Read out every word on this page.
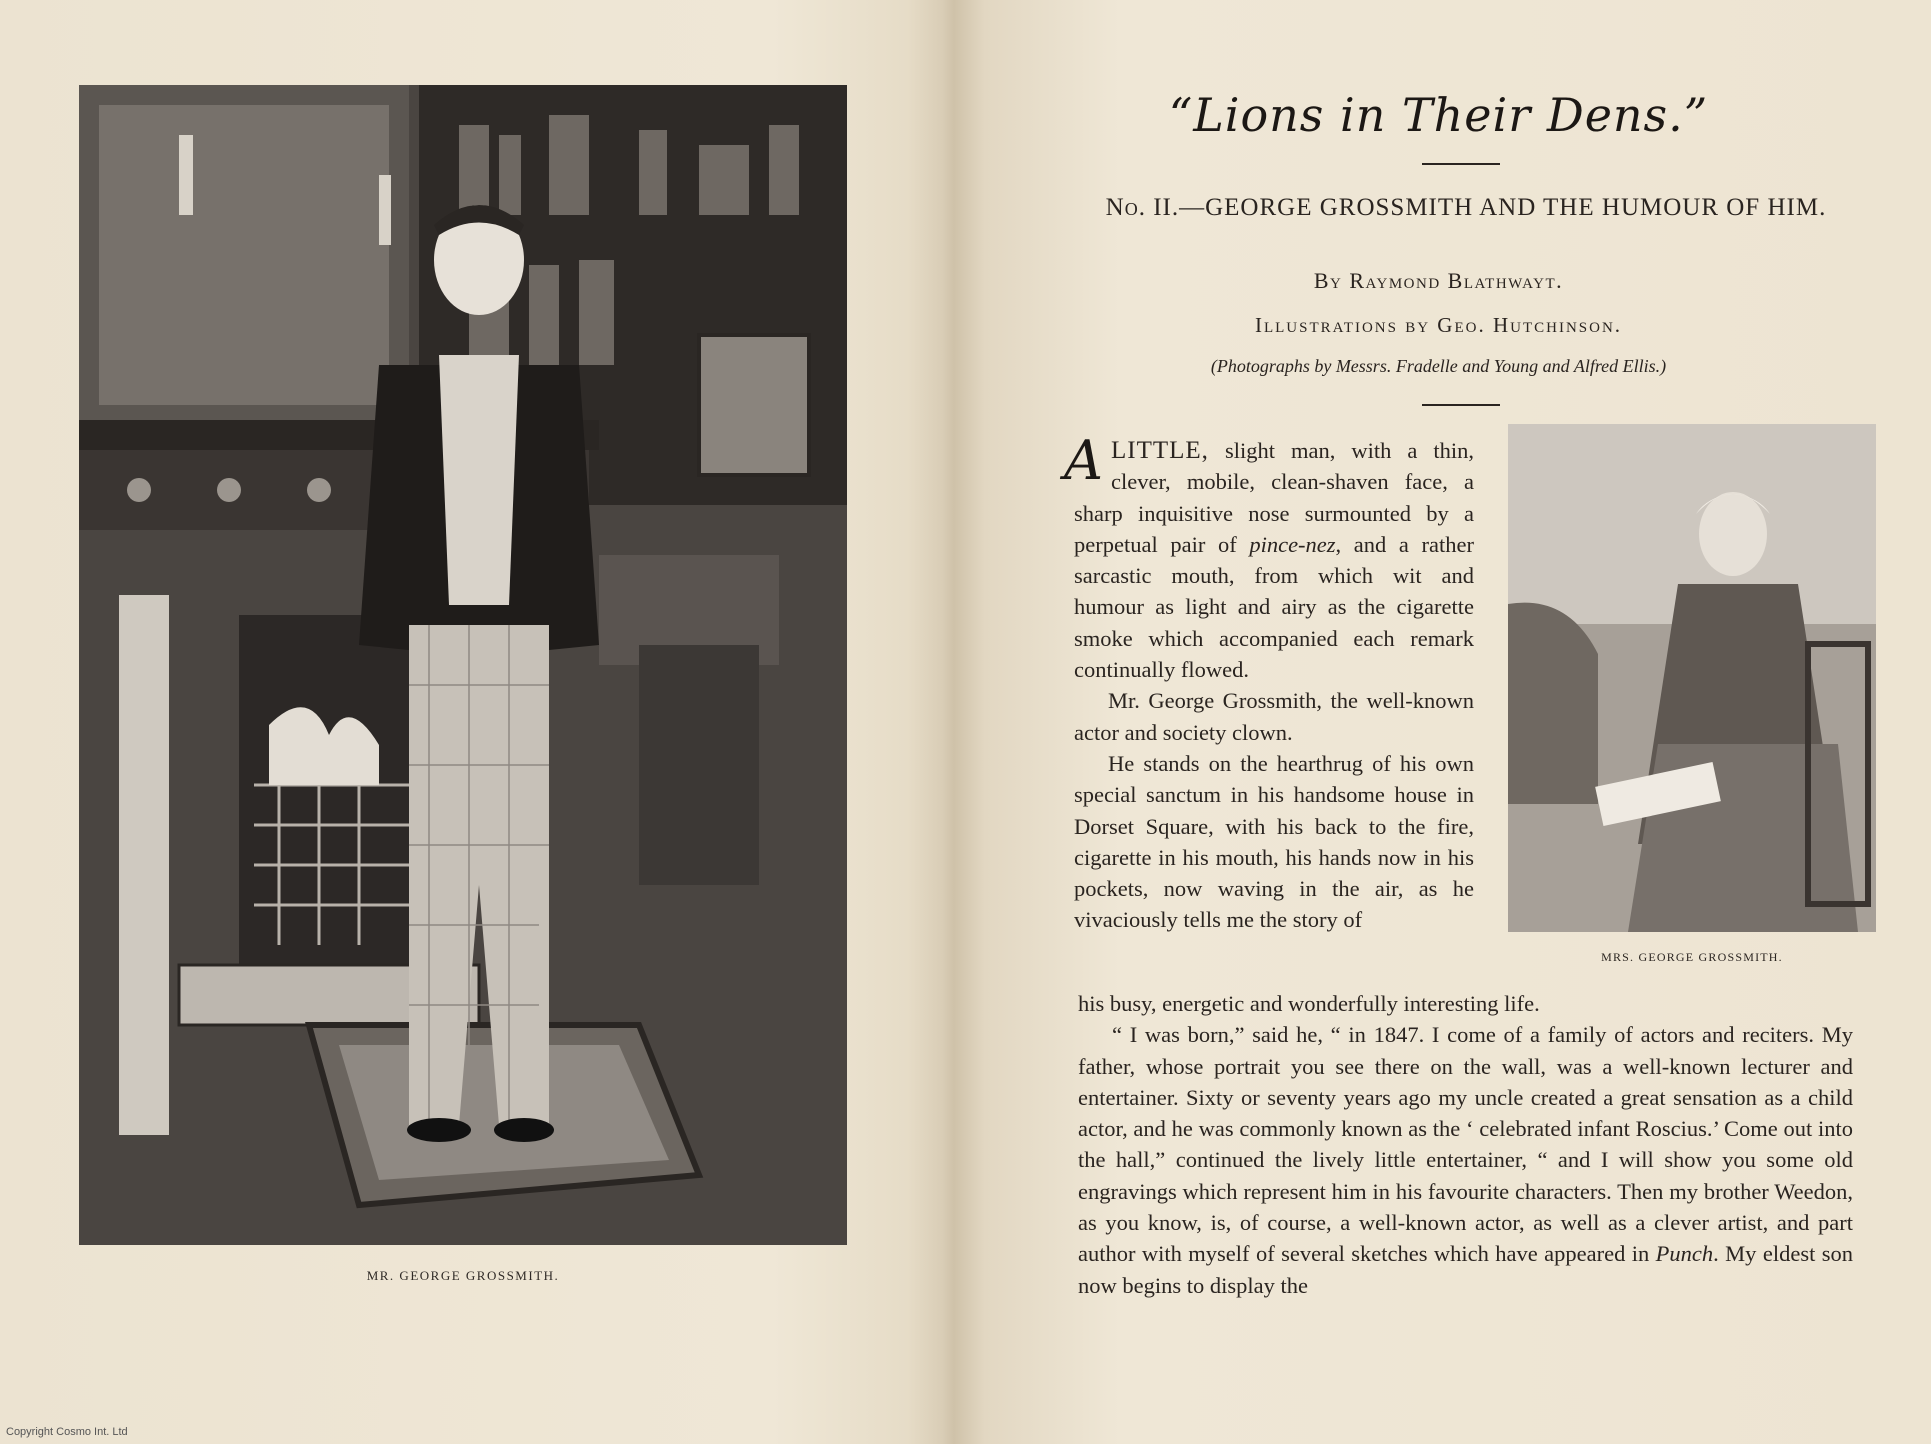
MR. GEORGE GROSSMITH.
“Lions in Their Dens.”
No. II.—GEORGE GROSSMITH AND THE HUMOUR OF HIM.
By Raymond Blathwayt.
Illustrations by Geo. Hutchinson.
(Photographs by Messrs. Fradelle and Young and Alfred Ellis.)
MRS. GEORGE GROSSMITH.

ALITTLE, slight man, with a thin, clever, mobile, clean-shaven face, a sharp inquisitive nose surmounted by a perpetual pair of pince-nez, and a rather sarcastic mouth, from which wit and humour as light and airy as the cigarette smoke which accompanied each remark continually flowed.

Mr. George Grossmith, the well-known actor and society clown.

He stands on the hearthrug of his own special sanctum in his handsome house in Dorset Square, with his back to the fire, cigarette in his mouth, his hands now in his pockets, now waving in the air, as he vivaciously tells me the story of

his busy, energetic and wonderfully interesting life.

“ I was born,” said he, “ in 1847. I come of a family of actors and reciters. My father, whose portrait you see there on the wall, was a well-known lecturer and entertainer. Sixty or seventy years ago my uncle created a great sensation as a child actor, and he was commonly known as the ‘ celebrated infant Roscius.’ Come out into the hall,” continued the lively little entertainer, “ and I will show you some old engravings which represent him in his favourite characters. Then my brother Weedon, as you know, is, of course, a well-known actor, as well as a clever artist, and part author with myself of several sketches which have appeared in Punch. My eldest son now begins to display the

Copyright Cosmo Int. Ltd
